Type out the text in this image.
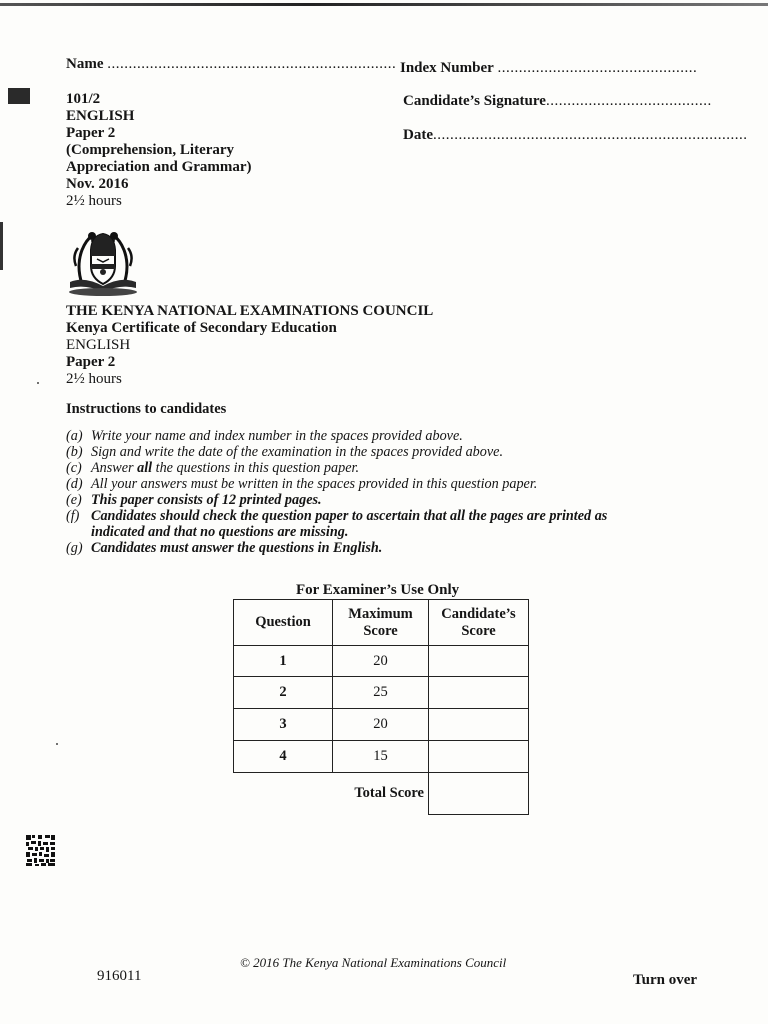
Name .................................................................... Index Number ...............................................
Candidate’s Signature.......................................
Date..........................................................................
101/2
ENGLISH
Paper 2
(Comprehension, Literary
Appreciation and Grammar)
Nov. 2016
2½ hours
THE KENYA NATIONAL EXAMINATIONS COUNCIL
Kenya Certificate of Secondary Education
ENGLISH
Paper 2
2½ hours
Instructions to candidates
(a) Write your name and index number in the spaces provided above.
(b) Sign and write the date of the examination in the spaces provided above.
(c) Answer all the questions in this question paper.
(d) All your answers must be written in the spaces provided in this question paper.
(e) This paper consists of 12 printed pages.
(f) Candidates should check the question paper to ascertain that all the pages are printed as
indicated and that no questions are missing.
(g) Candidates must answer the questions in English.
For Examiner’s Use Only
Question	Maximum Score	Candidate’s Score
1	20	
2	25	
3	20	
4	15	
	Total Score	
© 2016 The Kenya National Examinations Council
916011	Turn over
